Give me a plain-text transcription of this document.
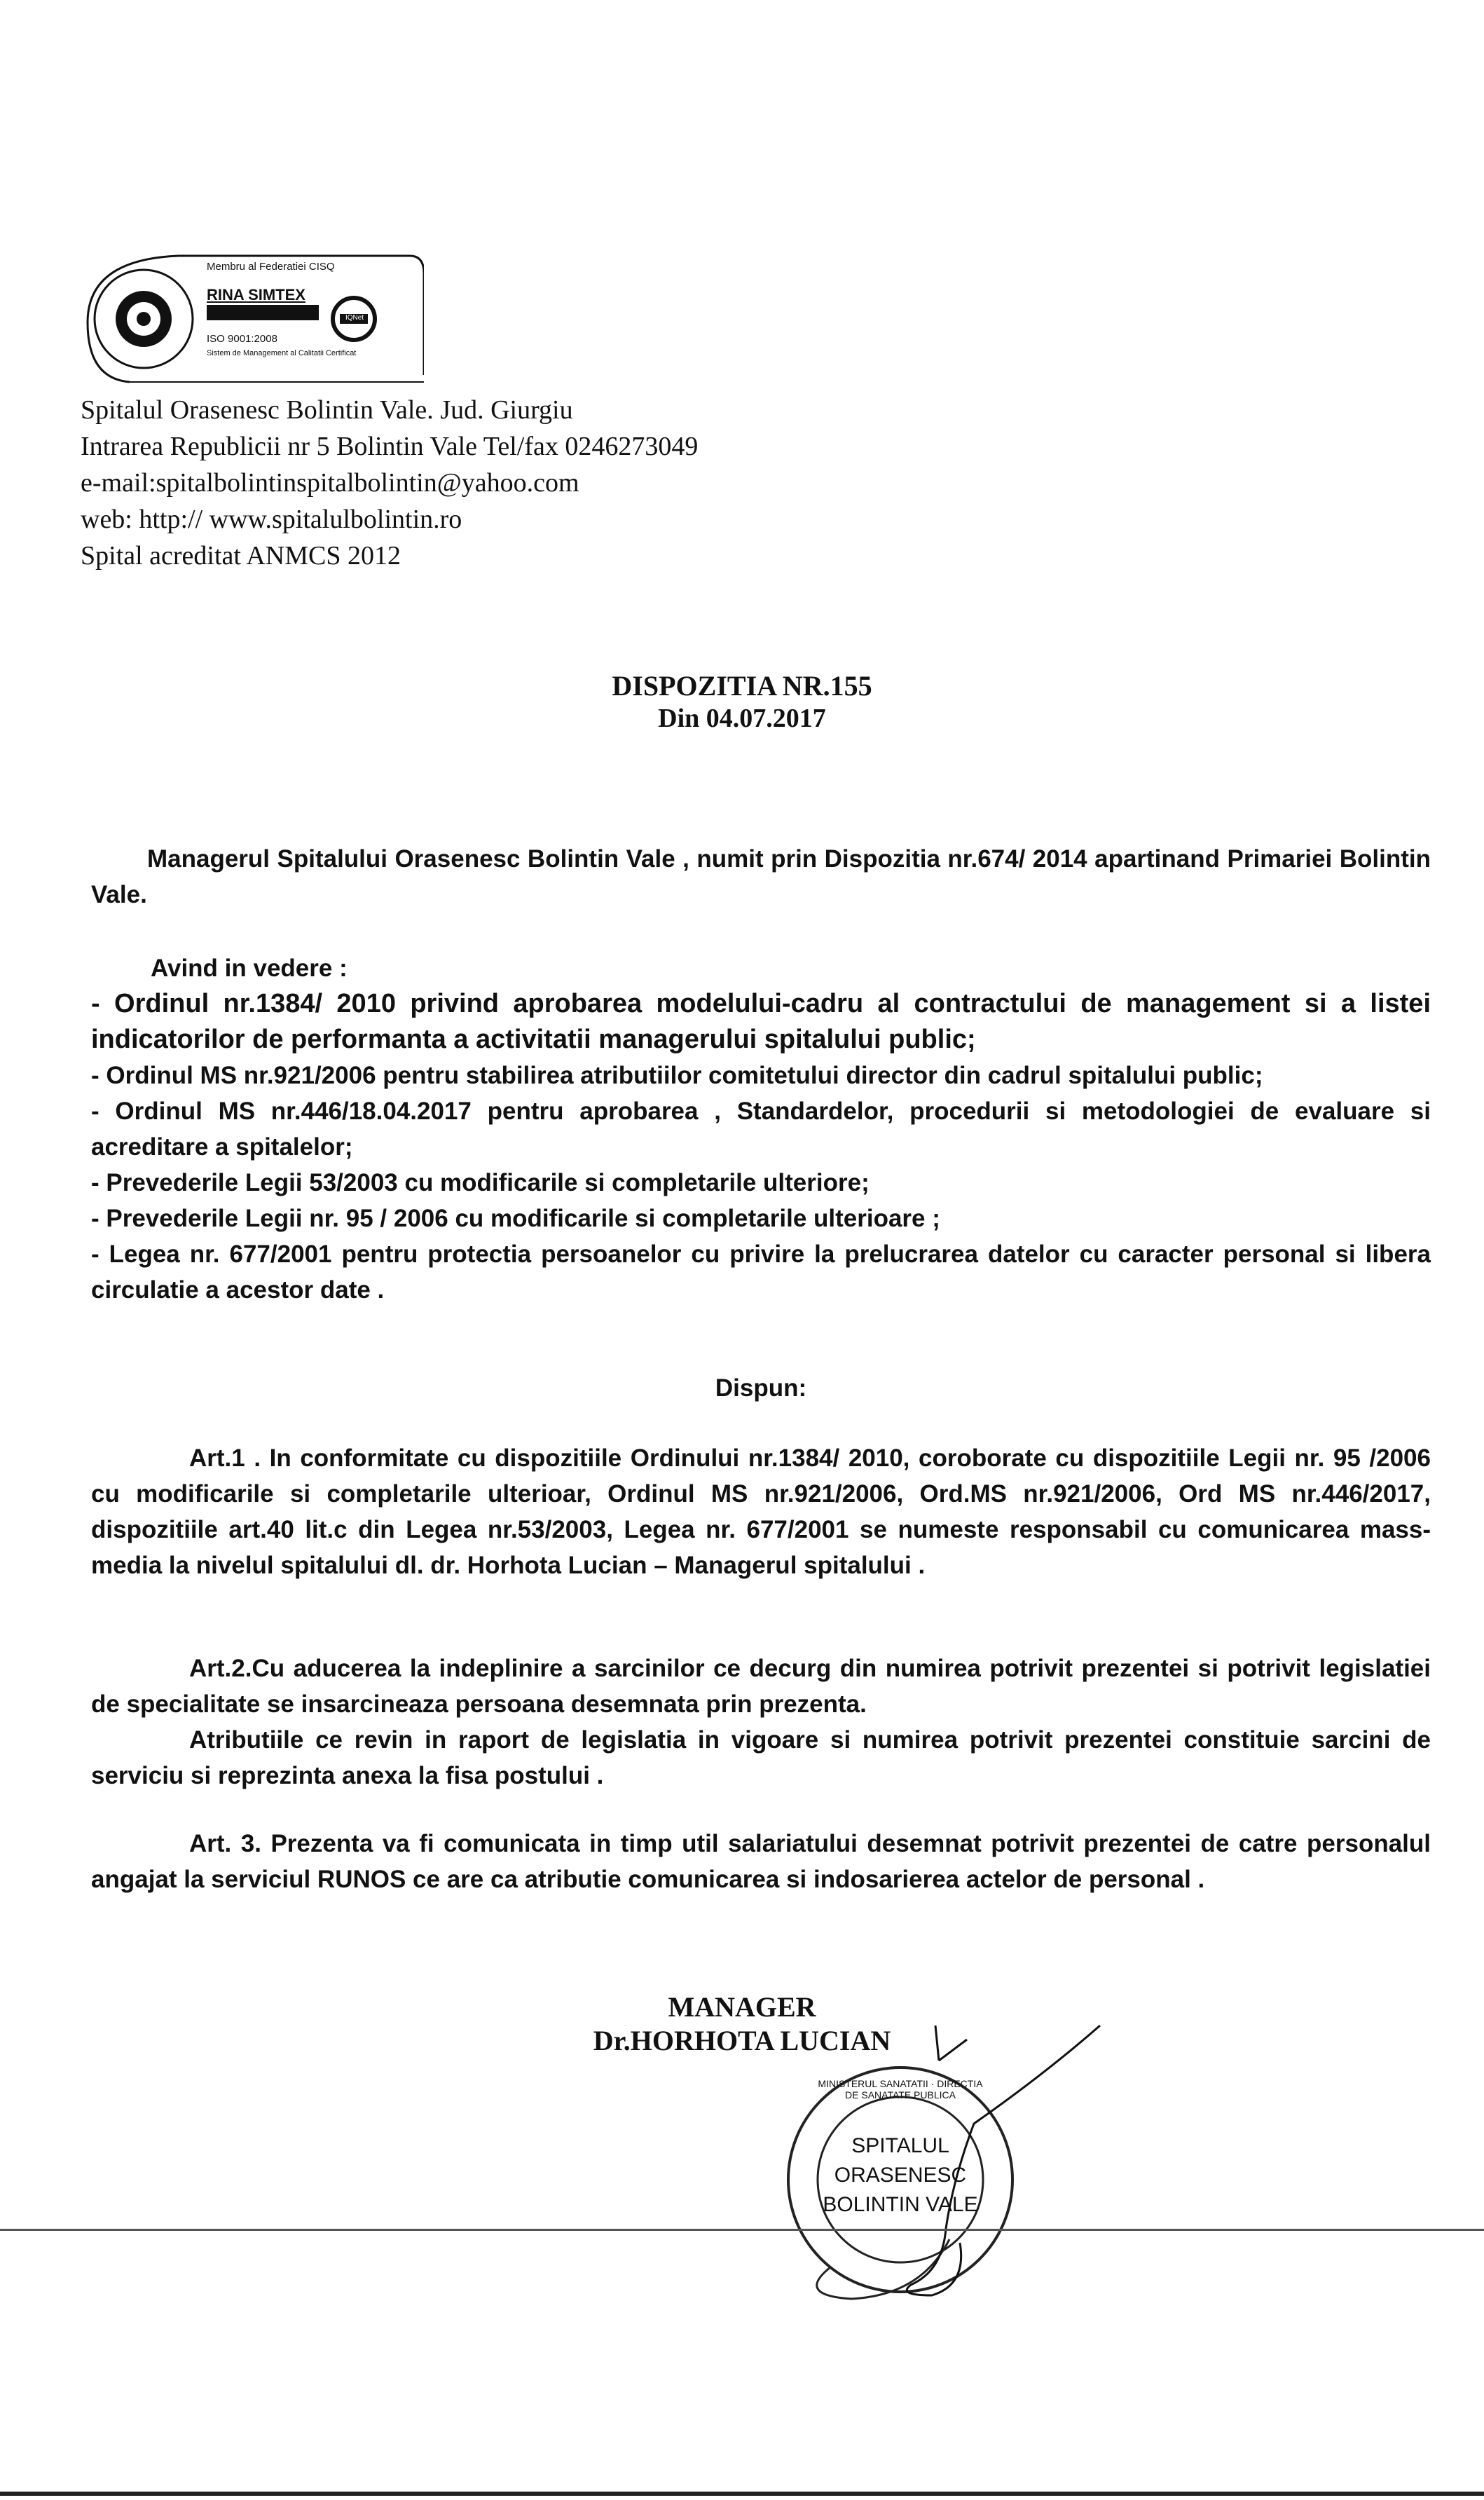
Membru al Federatiei CISQ
RINA SIMTEX
IQNet
ISO 9001:2008
Sistem de Management al Calitatii Certificat
Spitalul Orasenesc Bolintin Vale. Jud. Giurgiu
Intrarea Republicii nr 5 Bolintin Vale Tel/fax 0246273049
e-mail:spitalbolintinspitalbolintin@yahoo.com
web: http:// www.spitalulbolintin.ro
Spital acreditat ANMCS 2012
DISPOZITIA NR.155
Din 04.07.2017

Managerul Spitalului Orasenesc Bolintin Vale , numit prin Dispozitia nr.674/ 2014 apartinand Primariei Bolintin Vale.

Avind in vedere :

- Ordinul nr.1384/ 2010 privind aprobarea modelului-cadru al contractului de management si a listei indicatorilor de performanta a activitatii managerului spitalului public;

- Ordinul MS nr.921/2006 pentru stabilirea atributiilor comitetului director din cadrul spitalului public;

- Ordinul MS nr.446/18.04.2017 pentru aprobarea , Standardelor, procedurii si metodologiei de evaluare si acreditare a spitalelor;

- Prevederile Legii 53/2003 cu modificarile si completarile ulteriore;

- Prevederile Legii nr. 95 / 2006 cu modificarile si completarile ulterioare ;

- Legea nr. 677/2001 pentru protectia persoanelor cu privire la prelucrarea datelor cu caracter personal si libera circulatie a acestor date .

Dispun:

Art.1 . In conformitate cu dispozitiile Ordinului nr.1384/ 2010, coroborate cu dispozitiile Legii nr. 95 /2006 cu modificarile si completarile ulterioar, Ordinul MS nr.921/2006, Ord.MS nr.921/2006, Ord MS nr.446/2017, dispozitiile art.40 lit.c din Legea nr.53/2003, Legea nr. 677/2001 se numeste responsabil cu comunicarea mass-media la nivelul spitalului dl. dr. Horhota Lucian – Managerul spitalului .

Art.2.Cu aducerea la indeplinire a sarcinilor ce decurg din numirea potrivit prezentei si potrivit legislatiei de specialitate se insarcineaza persoana desemnata prin prezenta.

Atributiile ce revin in raport de legislatia in vigoare si numirea potrivit prezentei constituie sarcini de serviciu si reprezinta anexa la fisa postului .

Art. 3. Prezenta va fi comunicata in timp util salariatului desemnat potrivit prezentei de catre personalul angajat la serviciul RUNOS ce are ca atributie comunicarea si indosarierea actelor de personal .

MANAGER
Dr.HORHOTA LUCIAN
MINISTERUL SANATATII · DIRECTIA DE SANATATE PUBLICA
SPITALUL
ORASENESC
BOLINTIN VALE
